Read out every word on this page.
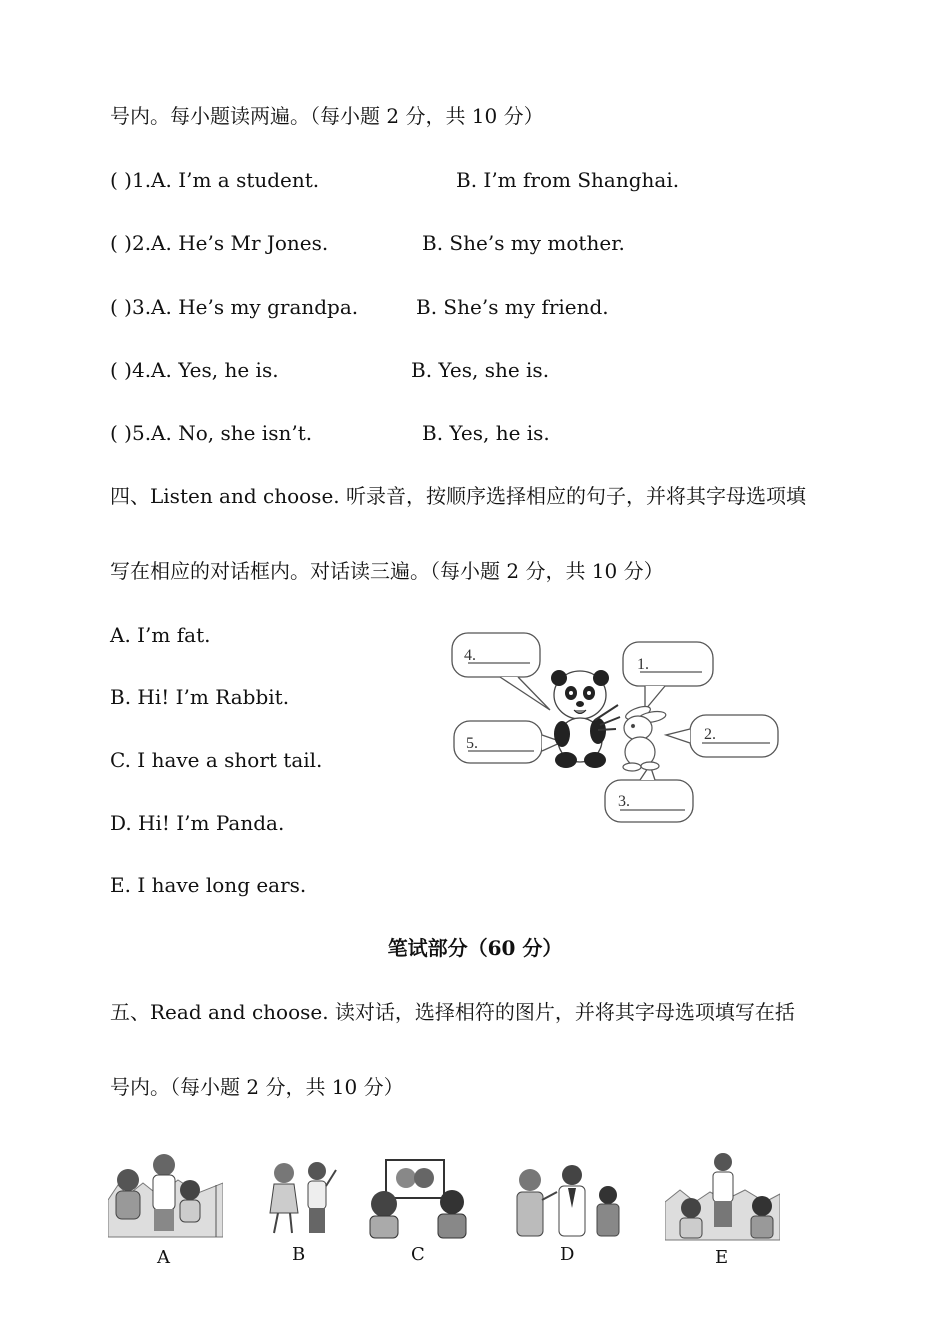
号内。每小题读两遍。（每小题 2 分，共 10 分）
( )1.A. I’m a student.	B. I’m from Shanghai.
( )2.A. He’s Mr Jones.	B. She’s my mother.
( )3.A. He’s my grandpa.	B. She’s my friend.
( )4.A. Yes, he is.	B. Yes, she is.
( )5.A. No, she isn’t.	B. Yes, he is.
四、Listen and choose. 听录音，按顺序选择相应的句子，并将其字母选项填
写在相应的对话框内。对话读三遍。（每小题 2 分，共 10 分）
A. I’m fat.
B. Hi! I’m Rabbit.
C. I have a short tail.
D. Hi! I’m Panda.
E. I have long ears.
4.
1.
5.
2.
3.
笔试部分（60 分）
五、Read and choose. 读对话，选择相符的图片，并将其字母选项填写在括
号内。（每小题 2 分，共 10 分）
A	B	C	D	E
